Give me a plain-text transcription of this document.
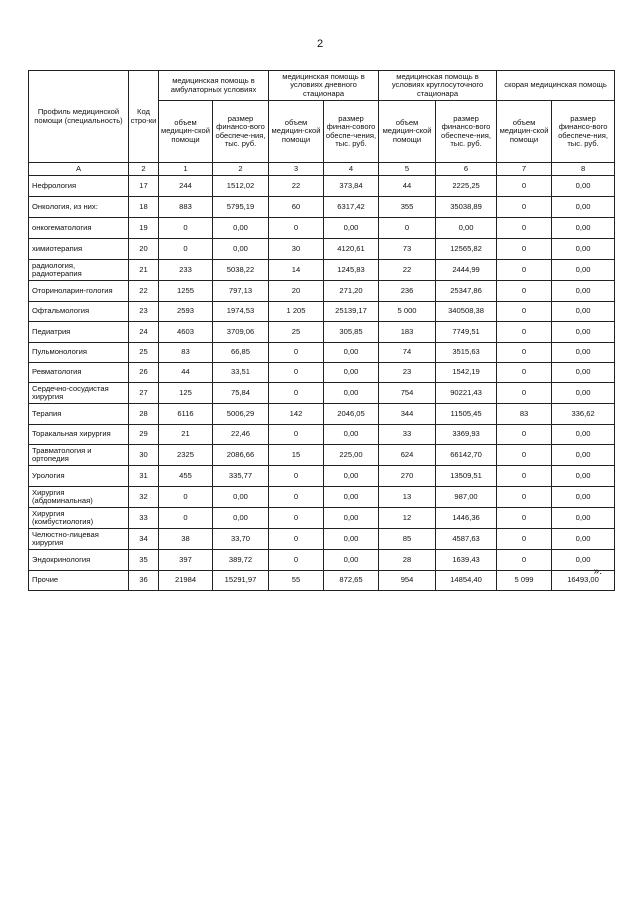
2
Профиль медицинской помощи (специальность)	Код стро-ки	медицинская помощь в амбулаторных условиях		медицинская помощь в условиях дневного стационара		медицинская помощь в условиях круглосуточного стационара		скорая медицинская помощь	
		объем медицин-ской помощи	размер финансо-вого обеспече-ния, тыс. руб.	объем медицин-ской помощи	размер финан-сового обеспе-чения, тыс. руб.	объем медицин-ской помощи	размер финансо-вого обеспече-ния, тыс. руб.	объем медицин-ской помощи	размер финансо-вого обеспече-ния, тыс. руб.
А	2	1	2	3	4	5	6	7	8
Нефрология	17	244	1512,02	22	373,84	44	2225,25	0	0,00
Онкология, из них:	18	883	5795,19	60	6317,42	355	35038,89	0	0,00
онкогематология	19	0	0,00	0	0,00	0	0,00	0	0,00
химиотерапия	20	0	0,00	30	4120,61	73	12565,82	0	0,00
радиология, радиотерапия	21	233	5038,22	14	1245,83	22	2444,99	0	0,00
Оториноларин-гология	22	1255	797,13	20	271,20	236	25347,86	0	0,00
Офтальмология	23	2593	1974,53	1 205	25139,17	5 000	340508,38	0	0,00
Педиатрия	24	4603	3709,06	25	305,85	183	7749,51	0	0,00
Пульмонология	25	83	66,85	0	0,00	74	3515,63	0	0,00
Ревматология	26	44	33,51	0	0,00	23	1542,19	0	0,00
Сердечно-сосудистая хирургия	27	125	75,84	0	0,00	754	90221,43	0	0,00
Терапия	28	6116	5006,29	142	2046,05	344	11505,45	83	336,62
Торакальная хирургия	29	21	22,46	0	0,00	33	3369,93	0	0,00
Травматология и ортопедия	30	2325	2086,66	15	225,00	624	66142,70	0	0,00
Урология	31	455	335,77	0	0,00	270	13509,51	0	0,00
Хирургия (абдоминальная)	32	0	0,00	0	0,00	13	987,00	0	0,00
Хирургия (комбустиология)	33	0	0,00	0	0,00	12	1446,36	0	0,00
Челюстно-лицевая хирургия	34	38	33,70	0	0,00	85	4587,63	0	0,00
Эндокринология	35	397	389,72	0	0,00	28	1639,43	0	0,00
Прочие	36	21984	15291,97	55	872,65	954	14854,40	5 099	16493,00
».
